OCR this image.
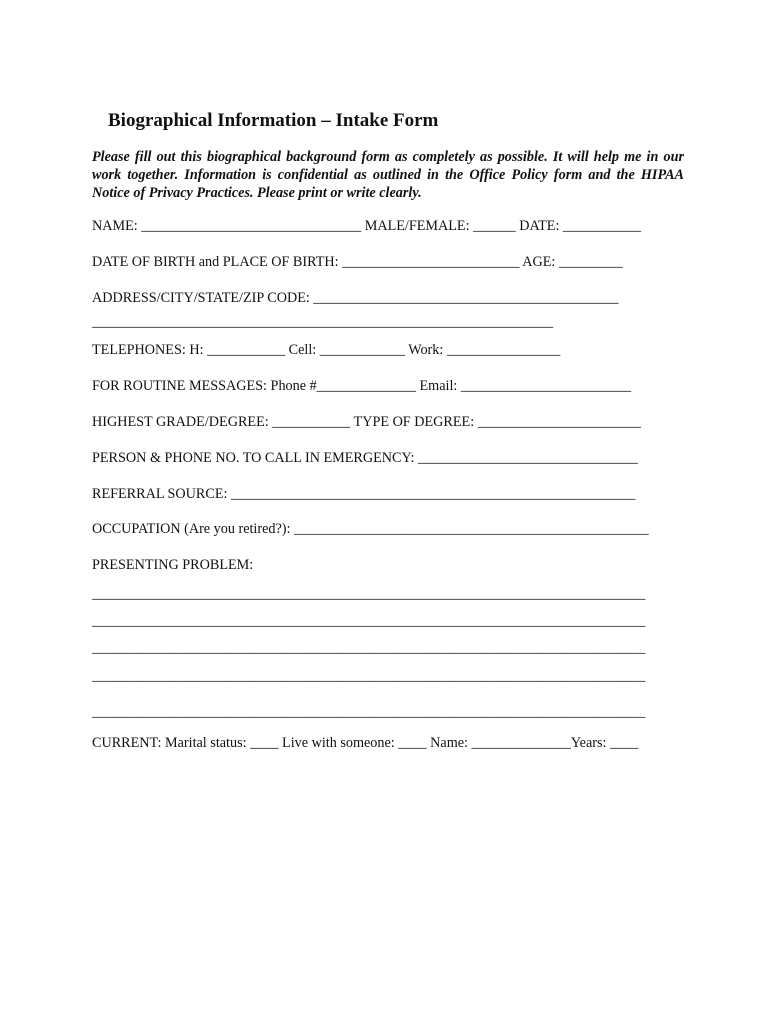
Biographical Information – Intake Form
Please fill out this biographical background form as completely as possible. It will help me in our work together. Information is confidential as outlined in the Office Policy form and the HIPAA Notice of Privacy Practices. Please print or write clearly.
NAME: _______________________________ MALE/FEMALE: ______ DATE: ___________
DATE OF BIRTH and PLACE OF BIRTH: _________________________ AGE: _________
ADDRESS/CITY/STATE/ZIP CODE: ___________________________________________
_________________________________________________________________
TELEPHONES: H: ___________ Cell: ____________ Work: ________________
FOR ROUTINE MESSAGES: Phone #______________ Email: ________________________
HIGHEST GRADE/DEGREE: ___________ TYPE OF DEGREE: _______________________
PERSON & PHONE NO. TO CALL IN EMERGENCY: _______________________________
REFERRAL SOURCE: _________________________________________________________
OCCUPATION (Are you retired?): __________________________________________________
PRESENTING PROBLEM:
______________________________________________________________________________
______________________________________________________________________________
______________________________________________________________________________
______________________________________________________________________________
______________________________________________________________________________
CURRENT: Marital status: ____ Live with someone: ____ Name: ______________Years: ____
